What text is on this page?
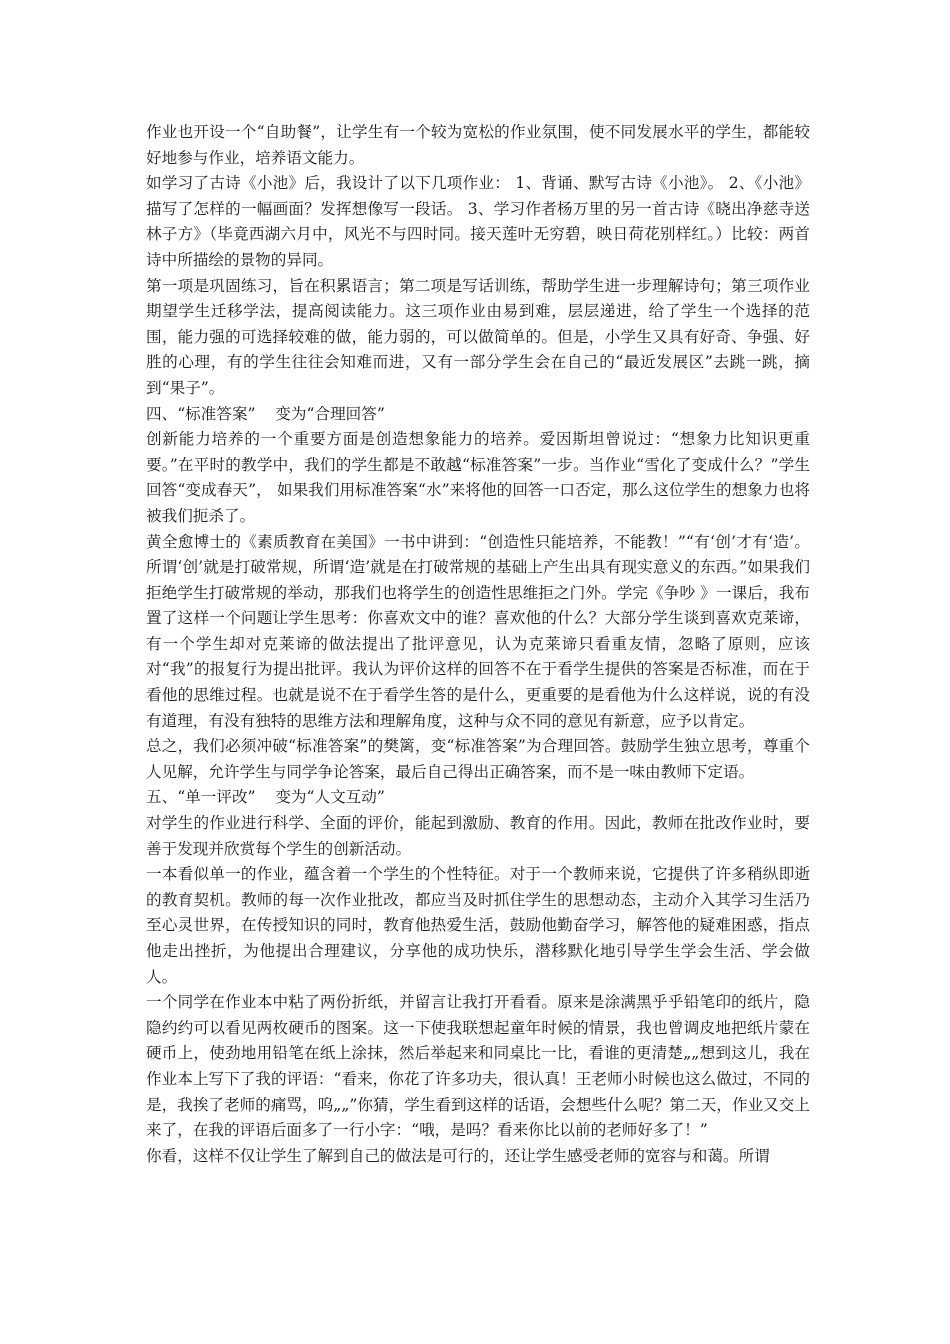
作业也开设一个“自助餐”，让学生有一个较为宽松的作业氛围，使不同发展水平的学生，都能较好地参与作业，培养语文能力。

如学习了古诗《小池》后，我设计了以下几项作业： 1、背诵、默写古诗《小池》。 2、《小池》描写了怎样的一幅画面？发挥想像写一段话。 3、学习作者杨万里的另一首古诗《晓出净慈寺送林子方》（毕竟西湖六月中，风光不与四时同。接天莲叶无穷碧，映日荷花别样红。）比较：两首诗中所描绘的景物的异同。

第一项是巩固练习，旨在积累语言；第二项是写话训练，帮助学生进一步理解诗句；第三项作业期望学生迁移学法，提高阅读能力。这三项作业由易到难，层层递进，给了学生一个选择的范围，能力强的可选择较难的做，能力弱的，可以做简单的。但是，小学生又具有好奇、争强、好胜的心理，有的学生往往会知难而进，又有一部分学生会在自己的“最近发展区”去跳一跳，摘到“果子”。

四、“标准答案”    变为“合理回答”

创新能力培养的一个重要方面是创造想象能力的培养。爱因斯坦曾说过：“想象力比知识更重要。”在平时的教学中，我们的学生都是不敢越“标准答案”一步。当作业“雪化了变成什么？”学生回答“变成春天”， 如果我们用标准答案“水”来将他的回答一口否定，那么这位学生的想象力也将被我们扼杀了。

黄全愈博士的《素质教育在美国》一书中讲到：“创造性只能培养，不能教！”“有‘创’才有‘造’。所谓‘创’就是打破常规，所谓‘造’就是在打破常规的基础上产生出具有现实意义的东西。”如果我们拒绝学生打破常规的举动，那我们也将学生的创造性思维拒之门外。学完《争吵 》一课后，我布置了这样一个问题让学生思考：你喜欢文中的谁？喜欢他的什么？大部分学生谈到喜欢克莱谛，有一个学生却对克莱谛的做法提出了批评意见，认为克莱谛只看重友情，忽略了原则，应该对“我”的报复行为提出批评。我认为评价这样的回答不在于看学生提供的答案是否标准，而在于看他的思维过程。也就是说不在于看学生答的是什么，更重要的是看他为什么这样说，说的有没有道理，有没有独特的思维方法和理解角度，这种与众不同的意见有新意，应予以肯定。

总之，我们必须冲破“标准答案”的樊篱，变“标准答案”为合理回答。鼓励学生独立思考，尊重个人见解，允许学生与同学争论答案，最后自己得出正确答案，而不是一味由教师下定语。

五、“单一评改”    变为“人文互动”

对学生的作业进行科学、全面的评价，能起到激励、教育的作用。因此，教师在批改作业时，要善于发现并欣赏每个学生的创新活动。

一本看似单一的作业，蕴含着一个学生的个性特征。对于一个教师来说，它提供了许多稍纵即逝的教育契机。教师的每一次作业批改，都应当及时抓住学生的思想动态，主动介入其学习生活乃至心灵世界，在传授知识的同时，教育他热爱生活，鼓励他勤奋学习，解答他的疑难困惑，指点他走出挫折，为他提出合理建议，分享他的成功快乐，潜移默化地引导学生学会生活、学会做人。

一个同学在作业本中粘了两份折纸，并留言让我打开看看。原来是涂满黑乎乎铅笔印的纸片，隐隐约约可以看见两枚硬币的图案。这一下使我联想起童年时候的情景，我也曾调皮地把纸片蒙在硬币上，使劲地用铅笔在纸上涂抹，然后举起来和同桌比一比，看谁的更清楚„„想到这儿，我在作业本上写下了我的评语：“看来，你花了许多功夫，很认真！王老师小时候也这么做过，不同的是，我挨了老师的痛骂，呜„„”你猜，学生看到这样的话语，会想些什么呢？第二天，作业又交上来了，在我的评语后面多了一行小字：“哦，是吗？看来你比以前的老师好多了！”

你看，这样不仅让学生了解到自己的做法是可行的，还让学生感受老师的宽容与和蔼。所谓
